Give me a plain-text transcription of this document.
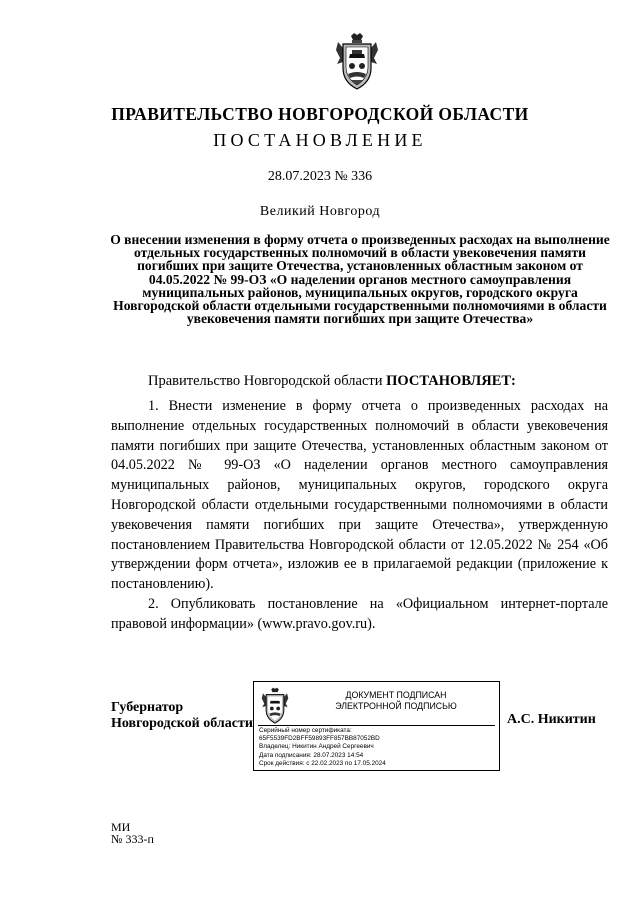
ПРАВИТЕЛЬСТВО НОВГОРОДСКОЙ ОБЛАСТИ
ПОСТАНОВЛЕНИЕ
28.07.2023 № 336
Великий Новгород
О внесении изменения в форму отчета о произведенных расходах на выполнение отдельных государственных полномочий в области увековечения памяти погибших при защите Отечества, установленных областным законом от 04.05.2022 № 99-ОЗ «О наделении органов местного самоуправления муниципальных районов, муниципальных округов, городского округа Новгородской области отдельными государственными полномочиями в области увековечения памяти погибших при защите Отечества»
Правительство Новгородской области ПОСТАНОВЛЯЕТ:

1. Внести изменение в форму отчета о произведенных расходах на выполнение отдельных государственных полномочий в области увековечения памяти погибших при защите Отечества, установленных областным законом от 04.05.2022 № 99-ОЗ «О наделении органов местного самоуправления муниципальных районов, муниципальных округов, городского округа Новгородской области отдельными государственными полномочиями в области увековечения памяти погибших при защите Отечества», утвержденную постановлением Правительства Новгородской области от 12.05.2022 № 254 «Об утверждении форм отчета», изложив ее в прилагаемой редакции (приложение к постановлению).

2. Опубликовать постановление на «Официальном интернет-портале правовой информации» (www.pravo.gov.ru).

Губернатор
Новгородской области
ДОКУМЕНТ ПОДПИСАН
ЭЛЕКТРОННОЙ ПОДПИСЬЮ
Серийный номер сертификата:
65F5539FD2BFF59893FF857BB87052BD
Владелец: Никитин Андрей Сергеевич
Дата подписания: 28.07.2023 14:54
Срок действия: с 22.02.2023 по 17.05.2024
А.С. Никитин
МИ
№ 333-п
